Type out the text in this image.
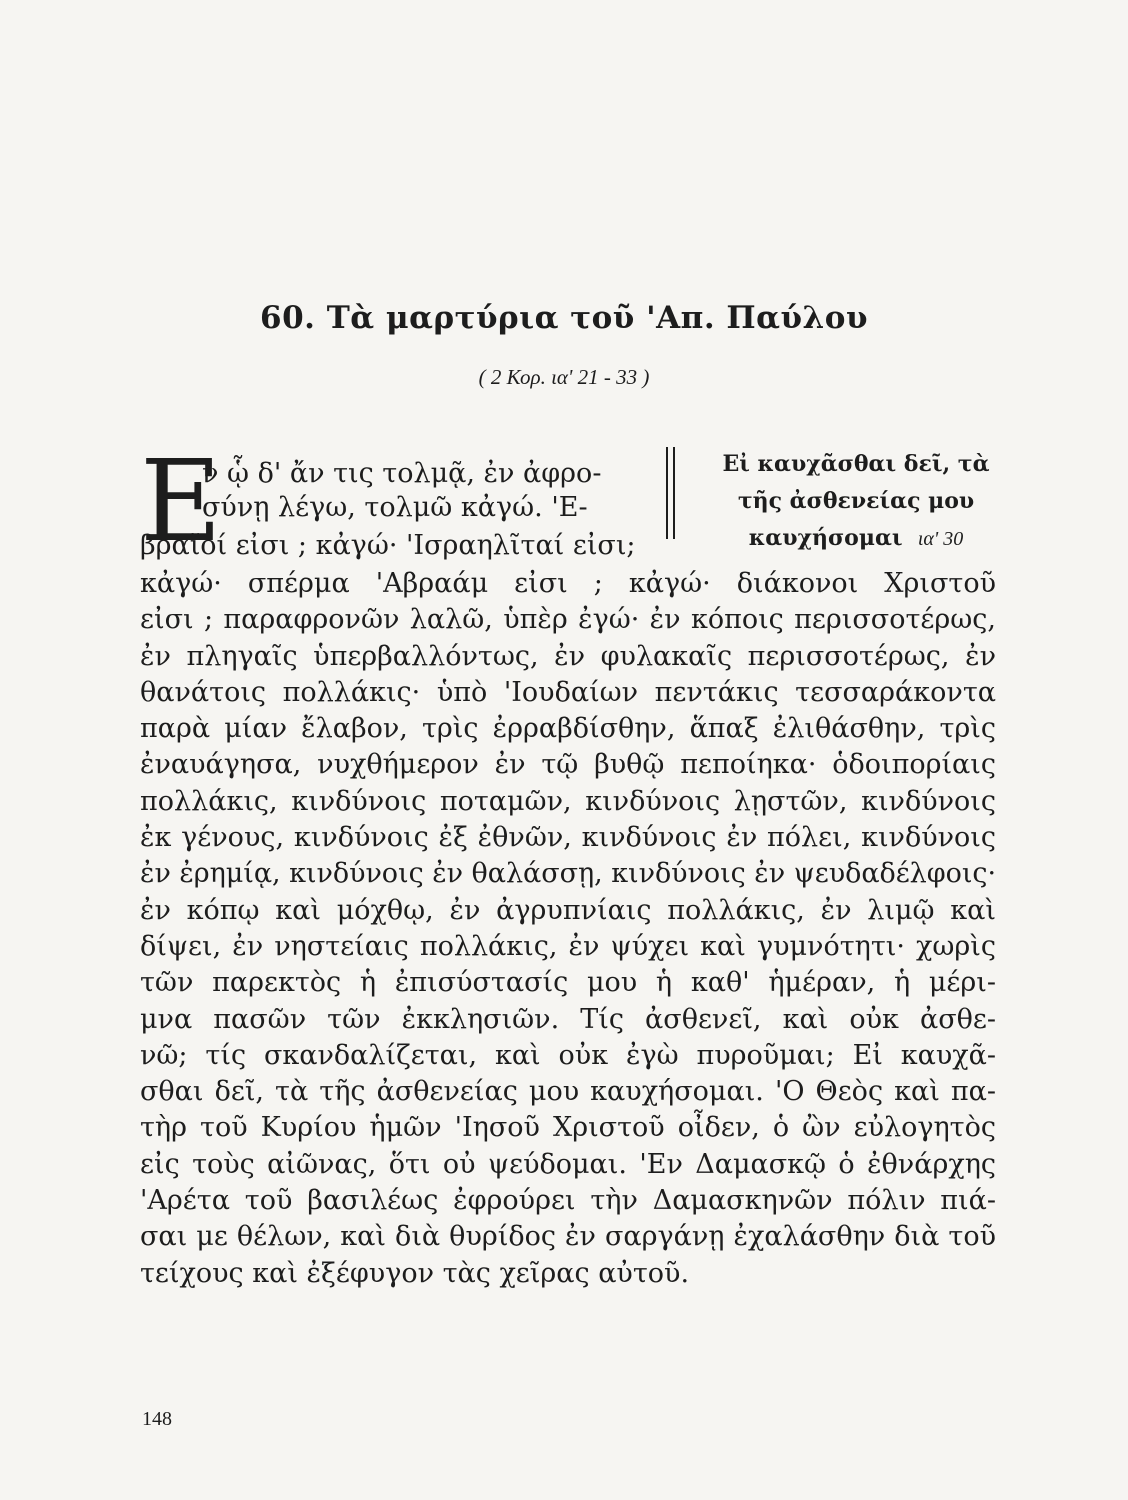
60. Τὰ μαρτύρια τοῦ 'Απ. Παύλου
( 2 Κορ. ια' 21 - 33 )
Ε
ν ᾧ δ' ἄν τις τολμᾷ, ἐν ἀφρο-
σύνῃ λέγω, τολμῶ κἀγώ. 'Ε-
βραῖοί εἰσι ; κἀγώ· 'Ισραηλῖταί εἰσι;
Εἰ καυχᾶσθαι δεῖ, τὰ
τῆς ἀσθενείας μου
καυχήσομαι ια' 30
κἀγώ· σπέρμα 'Αβραάμ εἰσι ; κἀγώ· διάκονοι Χριστοῦ
εἰσι ; παραφρονῶν λαλῶ, ὑπὲρ ἐγώ· ἐν κόποις περισσοτέρως,
ἐν πληγαῖς ὑπερβαλλόντως, ἐν φυλακαῖς περισσοτέρως, ἐν
θανάτοις πολλάκις· ὑπὸ 'Ιουδαίων πεντάκις τεσσαράκοντα
παρὰ μίαν ἔλαβον, τρὶς ἐρραβδίσθην, ἅπαξ ἐλιθάσθην, τρὶς
ἐναυάγησα, νυχθήμερον ἐν τῷ βυθῷ πεποίηκα· ὁδοιπορίαις
πολλάκις, κινδύνοις ποταμῶν, κινδύνοις λῃστῶν, κινδύνοις
ἐκ γένους, κινδύνοις ἐξ ἐθνῶν, κινδύνοις ἐν πόλει, κινδύνοις
ἐν ἐρημίᾳ, κινδύνοις ἐν θαλάσσῃ, κινδύνοις ἐν ψευδαδέλφοις·
ἐν κόπῳ καὶ μόχθῳ, ἐν ἀγρυπνίαις πολλάκις, ἐν λιμῷ καὶ
δίψει, ἐν νηστείαις πολλάκις, ἐν ψύχει καὶ γυμνότητι· χωρὶς
τῶν παρεκτὸς ἡ ἐπισύστασίς μου ἡ καθ' ἡμέραν, ἡ μέρι-
μνα πασῶν τῶν ἐκκλησιῶν. Τίς ἀσθενεῖ, καὶ οὐκ ἀσθε-
νῶ; τίς σκανδαλίζεται, καὶ οὐκ ἐγὼ πυροῦμαι; Εἰ καυχᾶ-
σθαι δεῖ, τὰ τῆς ἀσθενείας μου καυχήσομαι. 'Ο Θεὸς καὶ πα-
τὴρ τοῦ Κυρίου ἡμῶν 'Ιησοῦ Χριστοῦ οἶδεν, ὁ ὢν εὐλογητὸς
εἰς τοὺς αἰῶνας, ὅτι οὐ ψεύδομαι. 'Εν Δαμασκῷ ὁ ἐθνάρχης
'Αρέτα τοῦ βασιλέως ἐφρούρει τὴν Δαμασκηνῶν πόλιν πιά-
σαι με θέλων, καὶ διὰ θυρίδος ἐν σαργάνῃ ἐχαλάσθην διὰ τοῦ
τείχους καὶ ἐξέφυγον τὰς χεῖρας αὐτοῦ.
148
